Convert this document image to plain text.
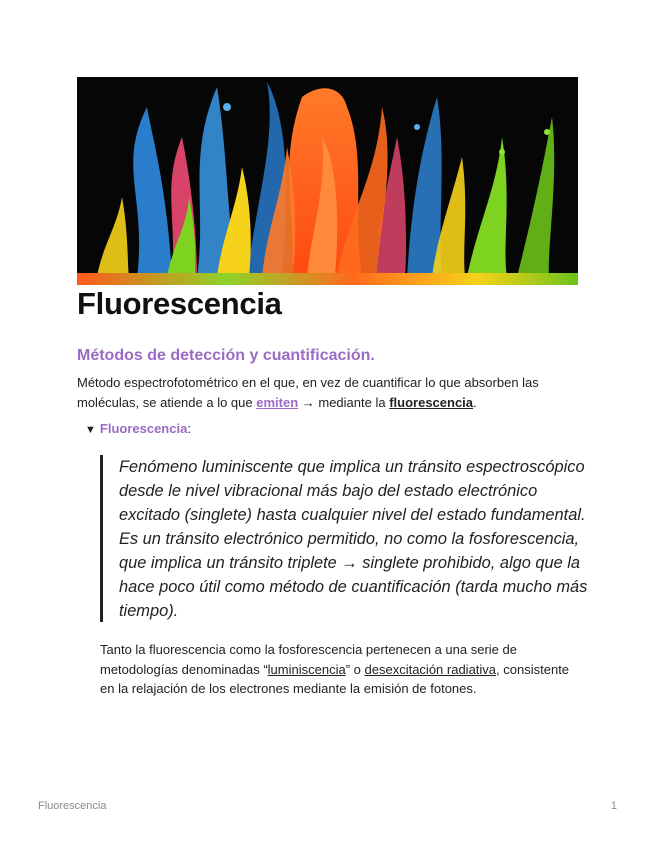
Fluorescencia
Métodos de detección y cuantificación.

Método espectrofotométrico en el que, en vez de cuantificar lo que absorben las moléculas, se atiende a lo que emiten → mediante la fluorescencia.

▼ Fluorescencia:

Fenómeno luminiscente que implica un tránsito espectroscópico desde le nivel vibracional más bajo del estado electrónico excitado (singlete) hasta cualquier nivel del estado fundamental. Es un tránsito electrónico permitido, no como la fosforescencia, que implica un tránsito triplete → singlete prohibido, algo que la hace poco útil como método de cuantificación (tarda mucho más tiempo).

Tanto la fluorescencia como la fosforescencia pertenecen a una serie de metodologías denominadas “luminiscencia” o desexcitación radiativa, consistente en la relajación de los electrones mediante la emisión de fotones.

Fluorescencia	1
